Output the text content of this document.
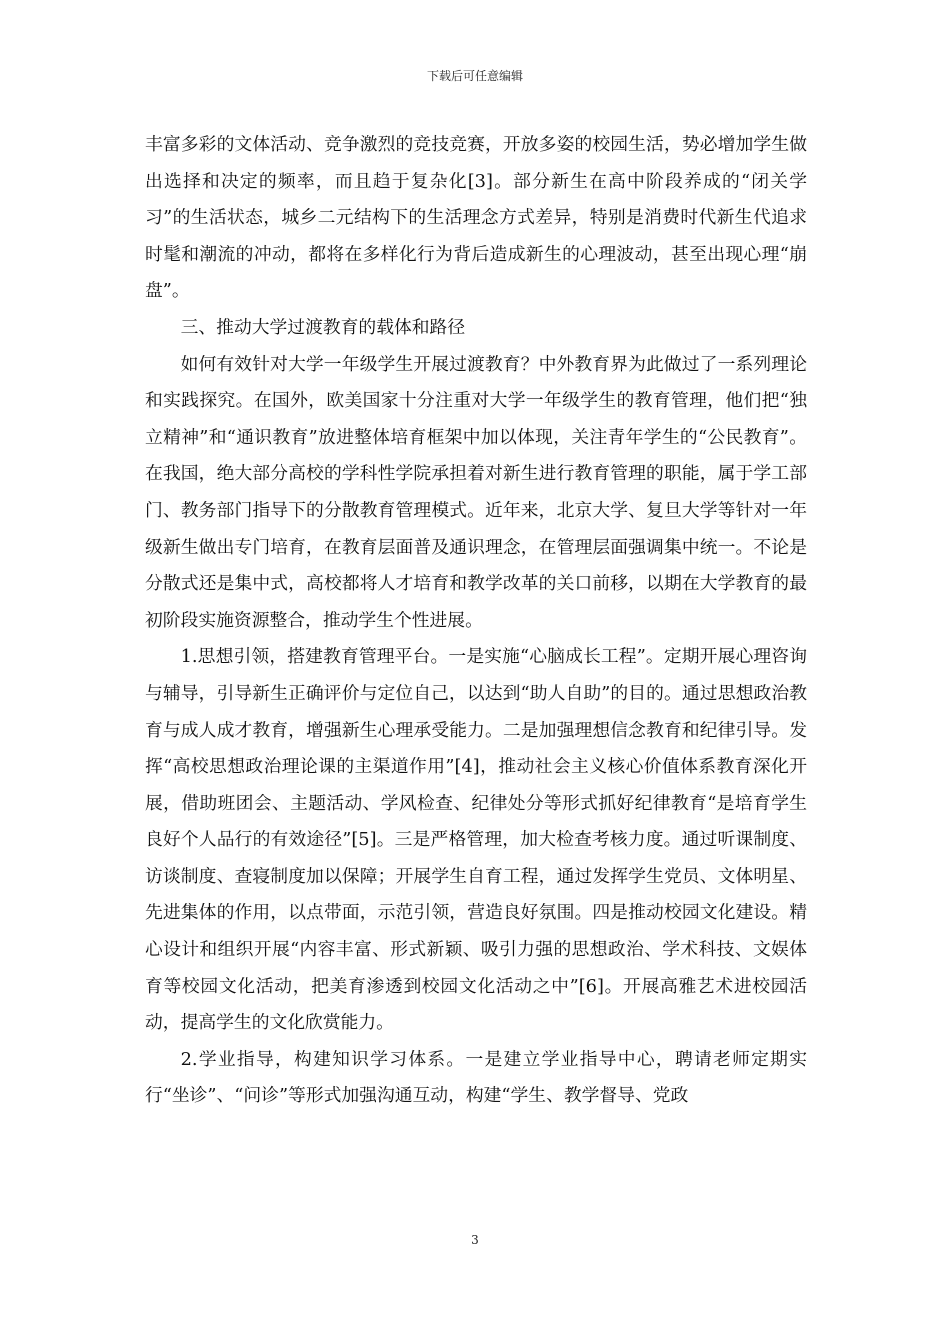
下载后可任意编辑

丰富多彩的文体活动、竞争激烈的竞技竞赛，开放多姿的校园生活，势必增加学生做出选择和决定的频率，而且趋于复杂化[3]。部分新生在高中阶段养成的“闭关学习”的生活状态，城乡二元结构下的生活理念方式差异，特别是消费时代新生代追求时髦和潮流的冲动，都将在多样化行为背后造成新生的心理波动，甚至出现心理“崩盘”。

三、推动大学过渡教育的载体和路径

如何有效针对大学一年级学生开展过渡教育？中外教育界为此做过了一系列理论和实践探究。在国外，欧美国家十分注重对大学一年级学生的教育管理，他们把“独立精神”和“通识教育”放进整体培育框架中加以体现，关注青年学生的“公民教育”。在我国，绝大部分高校的学科性学院承担着对新生进行教育管理的职能，属于学工部门、教务部门指导下的分散教育管理模式。近年来，北京大学、复旦大学等针对一年级新生做出专门培育，在教育层面普及通识理念，在管理层面强调集中统一。不论是分散式还是集中式，高校都将人才培育和教学改革的关口前移，以期在大学教育的最初阶段实施资源整合，推动学生个性进展。

1.思想引领，搭建教育管理平台。一是实施“心脑成长工程”。定期开展心理咨询与辅导，引导新生正确评价与定位自己，以达到“助人自助”的目的。通过思想政治教育与成人成才教育，增强新生心理承受能力。二是加强理想信念教育和纪律引导。发挥“高校思想政治理论课的主渠道作用”[4]，推动社会主义核心价值体系教育深化开展，借助班团会、主题活动、学风检查、纪律处分等形式抓好纪律教育“是培育学生良好个人品行的有效途径”[5]。三是严格管理，加大检查考核力度。通过听课制度、访谈制度、查寝制度加以保障；开展学生自育工程，通过发挥学生党员、文体明星、先进集体的作用，以点带面，示范引领，营造良好氛围。四是推动校园文化建设。精心设计和组织开展“内容丰富、形式新颖、吸引力强的思想政治、学术科技、文娱体育等校园文化活动，把美育渗透到校园文化活动之中”[6]。开展高雅艺术进校园活动，提高学生的文化欣赏能力。

2.学业指导，构建知识学习体系。一是建立学业指导中心，聘请老师定期实行“坐诊”、“问诊”等形式加强沟通互动，构建“学生、教学督导、党政

3
